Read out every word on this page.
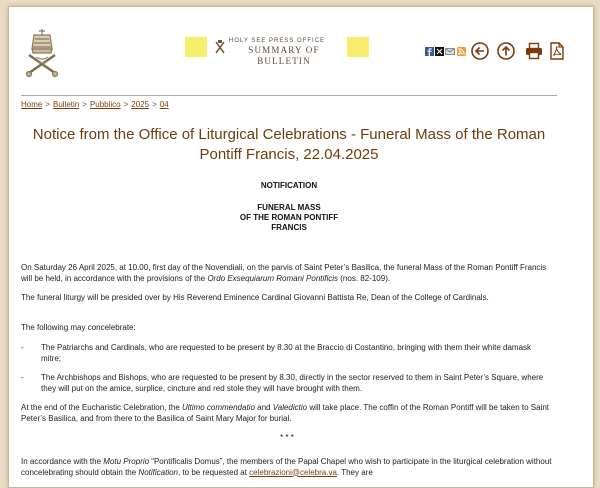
HOLY SEE PRESS OFFICE
SUMMARY OF BULLETIN
Home > Bulletin > Pubblico > 2025 > 04
Notice from the Office of Liturgical Celebrations - Funeral Mass of the Roman Pontiff Francis, 22.04.2025
NOTIFICATION
FUNERAL MASS
OF THE ROMAN PONTIFF
FRANCIS

On Saturday 26 April 2025, at 10.00, first day of the Novendiali, on the parvis of Saint Peter’s Basilica, the funeral Mass of the Roman Pontiff Francis will be held, in accordance with the provisions of the Ordo Exsequiarum Romani Pontificis (nos. 82-109).

The funeral liturgy will be presided over by His Reverend Eminence Cardinal Giovanni Battista Re, Dean of the College of Cardinals.
The following may concelebrate:
-	The Patriarchs and Cardinals, who are requested to be present by 8.30 at the Braccio di Costantino, bringing with them their white damask mitre;
-	The Archbishops and Bishops, who are requested to be present by 8.30, directly in the sector reserved to them in Saint Peter’s Square, where they will put on the amice, surplice, cincture and red stole they will have brought with them.

At the end of the Eucharistic Celebration, the Ultimo commendatio and Valedictio will take place. The coffin of the Roman Pontiff will be taken to Saint Peter’s Basilica, and from there to the Basilica of Saint Mary Major for burial.

* * *

In accordance with the Motu Proprio “Pontificalis Domus”, the members of the Papal Chapel who wish to participate in the liturgical celebration without concelebrating should obtain the Notification, to be requested at celebrazioni@celebra.va. They are
